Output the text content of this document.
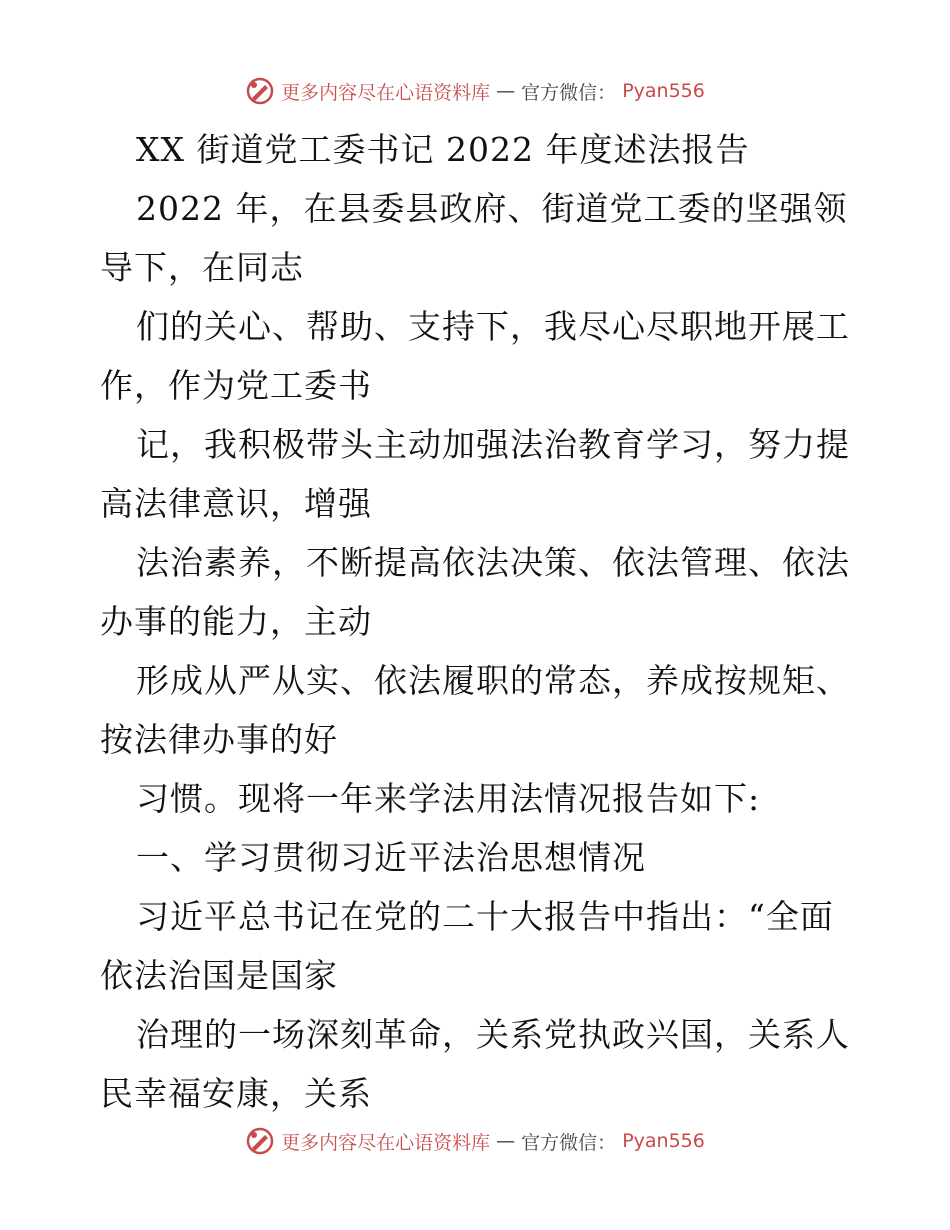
更多内容尽在心语资料库 — 官方微信： Pyan556
XX 街道党工委书记 2022 年度述法报告
2022 年，在县委县政府、街道党工委的坚强领
导下，在同志
们的关心、帮助、支持下，我尽心尽职地开展工
作，作为党工委书
记，我积极带头主动加强法治教育学习，努力提
高法律意识，增强
法治素养，不断提高依法决策、依法管理、依法
办事的能力，主动
形成从严从实、依法履职的常态，养成按规矩、
按法律办事的好
习惯。现将一年来学法用法情况报告如下:
一、学习贯彻习近平法治思想情况
习近平总书记在党的二十大报告中指出：“全面
依法治国是国家
治理的一场深刻革命，关系党执政兴国，关系人
民幸福安康，关系
更多内容尽在心语资料库 — 官方微信： Pyan556
